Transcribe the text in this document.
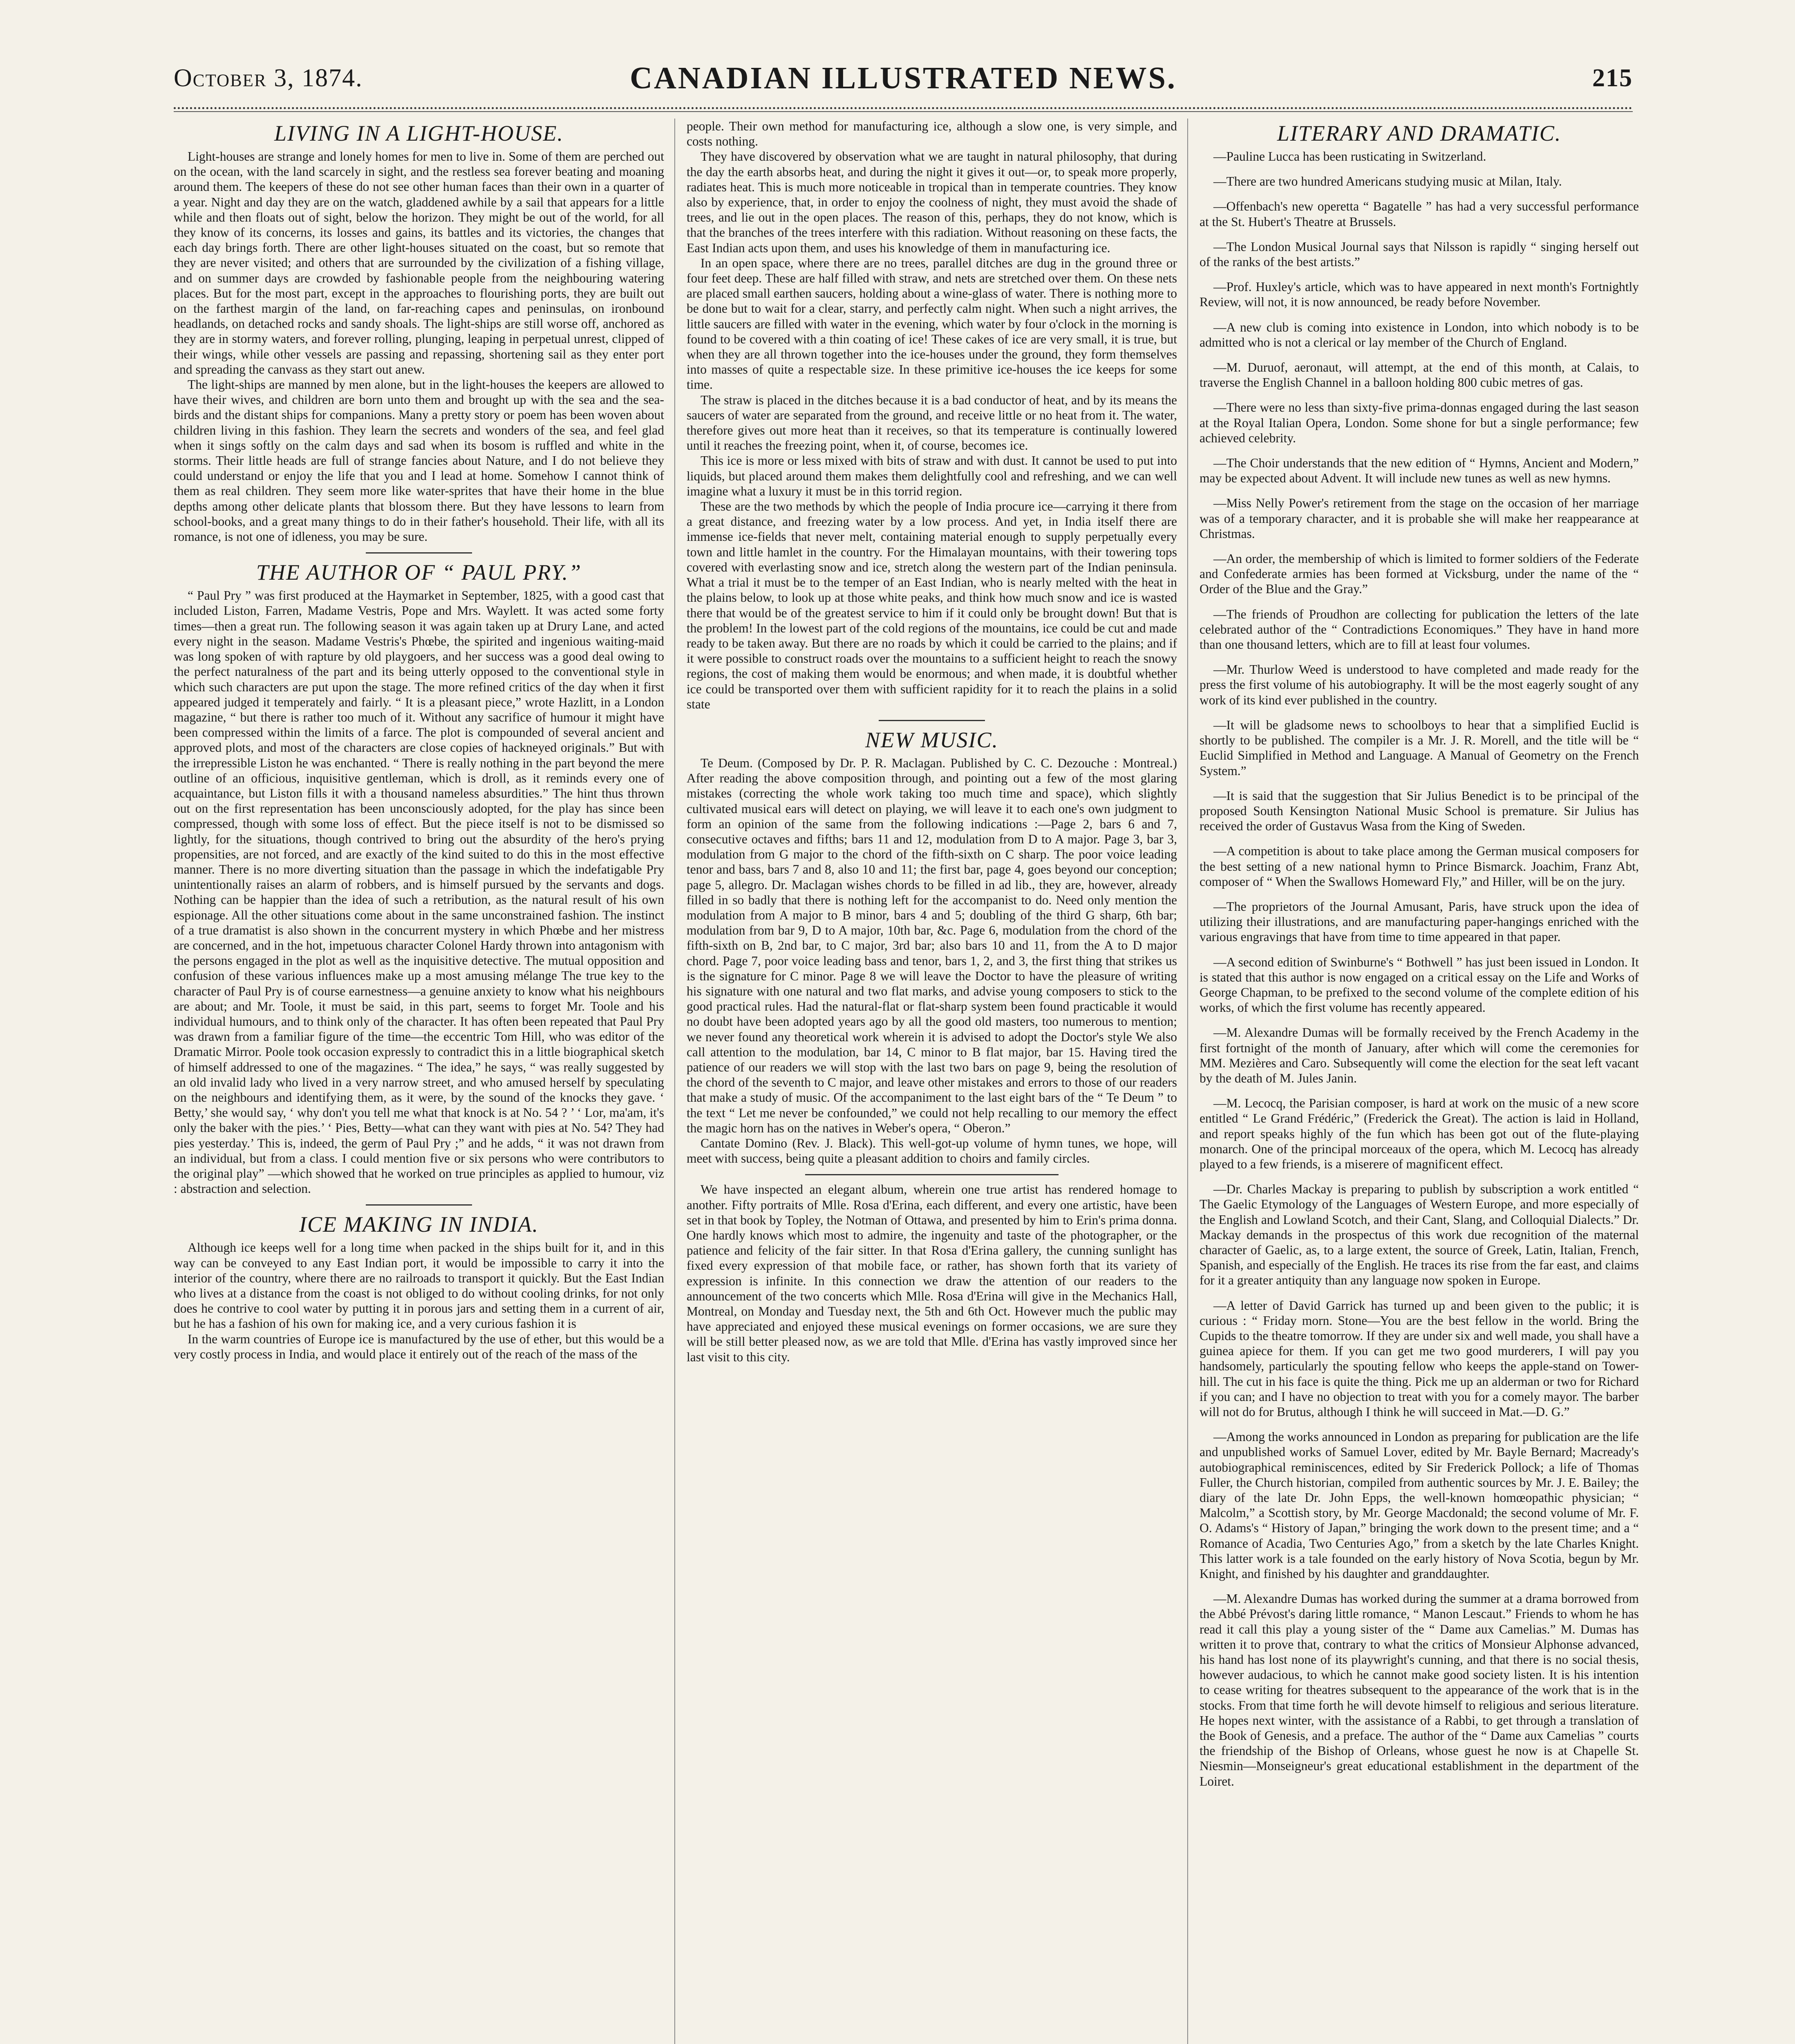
October 3, 1874.	CANADIAN ILLUSTRATED NEWS.	215
LIVING IN A LIGHT-HOUSE.

Light-houses are strange and lonely homes for men to live in. Some of them are perched out on the ocean, with the land scarcely in sight, and the restless sea forever beating and moaning around them. The keepers of these do not see other human faces than their own in a quarter of a year. Night and day they are on the watch, gladdened awhile by a sail that appears for a little while and then floats out of sight, below the horizon. They might be out of the world, for all they know of its concerns, its losses and gains, its battles and its victories, the changes that each day brings forth. There are other light-houses situated on the coast, but so remote that they are never visited; and others that are surrounded by the civilization of a fishing village, and on summer days are crowded by fashionable people from the neighbouring watering places. But for the most part, except in the approaches to flourishing ports, they are built out on the farthest margin of the land, on far-reaching capes and peninsulas, on ironbound headlands, on detached rocks and sandy shoals. The light-ships are still worse off, anchored as they are in stormy waters, and forever rolling, plunging, leaping in perpetual unrest, clipped of their wings, while other vessels are passing and repassing, shortening sail as they enter port and spreading the canvass as they start out anew.

The light-ships are manned by men alone, but in the light-houses the keepers are allowed to have their wives, and children are born unto them and brought up with the sea and the sea-birds and the distant ships for companions. Many a pretty story or poem has been woven about children living in this fashion. They learn the secrets and wonders of the sea, and feel glad when it sings softly on the calm days and sad when its bosom is ruffled and white in the storms. Their little heads are full of strange fancies about Nature, and I do not believe they could understand or enjoy the life that you and I lead at home. Somehow I cannot think of them as real children. They seem more like water-sprites that have their home in the blue depths among other delicate plants that blossom there. But they have lessons to learn from school-books, and a great many things to do in their father's household. Their life, with all its romance, is not one of idleness, you may be sure.

THE AUTHOR OF “ PAUL PRY.”

“ Paul Pry ” was first produced at the Haymarket in September, 1825, with a good cast that included Liston, Farren, Madame Vestris, Pope and Mrs. Waylett. It was acted some forty times—then a great run. The following season it was again taken up at Drury Lane, and acted every night in the season. Madame Vestris's Phœbe, the spirited and ingenious waiting-maid was long spoken of with rapture by old playgoers, and her success was a good deal owing to the perfect naturalness of the part and its being utterly opposed to the conventional style in which such characters are put upon the stage. The more refined critics of the day when it first appeared judged it temperately and fairly. “ It is a pleasant piece,” wrote Hazlitt, in a London magazine, “ but there is rather too much of it. Without any sacrifice of humour it might have been compressed within the limits of a farce. The plot is compounded of several ancient and approved plots, and most of the characters are close copies of hackneyed originals.” But with the irrepressible Liston he was enchanted. “ There is really nothing in the part beyond the mere outline of an officious, inquisitive gentleman, which is droll, as it reminds every one of acquaintance, but Liston fills it with a thousand nameless absurdities.” The hint thus thrown out on the first representation has been unconsciously adopted, for the play has since been compressed, though with some loss of effect. But the piece itself is not to be dismissed so lightly, for the situations, though contrived to bring out the absurdity of the hero's prying propensities, are not forced, and are exactly of the kind suited to do this in the most effective manner. There is no more diverting situation than the passage in which the indefatigable Pry unintentionally raises an alarm of robbers, and is himself pursued by the servants and dogs. Nothing can be happier than the idea of such a retribution, as the natural result of his own espionage. All the other situations come about in the same unconstrained fashion. The instinct of a true dramatist is also shown in the concurrent mystery in which Phœbe and her mistress are concerned, and in the hot, impetuous character Colonel Hardy thrown into antagonism with the persons engaged in the plot as well as the inquisitive detective. The mutual opposition and confusion of these various influences make up a most amusing mélange The true key to the character of Paul Pry is of course earnestness—a genuine anxiety to know what his neighbours are about; and Mr. Toole, it must be said, in this part, seems to forget Mr. Toole and his individual humours, and to think only of the character. It has often been repeated that Paul Pry was drawn from a familiar figure of the time—the eccentric Tom Hill, who was editor of the Dramatic Mirror. Poole took occasion expressly to contradict this in a little biographical sketch of himself addressed to one of the magazines. “ The idea,” he says, “ was really suggested by an old invalid lady who lived in a very narrow street, and who amused herself by speculating on the neighbours and identifying them, as it were, by the sound of the knocks they gave. ‘ Betty,’ she would say, ‘ why don't you tell me what that knock is at No. 54 ? ’ ‘ Lor, ma'am, it's only the baker with the pies.’ ‘ Pies, Betty—what can they want with pies at No. 54? They had pies yesterday.’ This is, indeed, the germ of Paul Pry ;” and he adds, “ it was not drawn from an individual, but from a class. I could mention five or six persons who were contributors to the original play” —which showed that he worked on true principles as applied to humour, viz : abstraction and selection.

ICE MAKING IN INDIA.

Although ice keeps well for a long time when packed in the ships built for it, and in this way can be conveyed to any East Indian port, it would be impossible to carry it into the interior of the country, where there are no railroads to transport it quickly. But the East Indian who lives at a distance from the coast is not obliged to do without cooling drinks, for not only does he contrive to cool water by putting it in porous jars and setting them in a current of air, but he has a fashion of his own for making ice, and a very curious fashion it is

In the warm countries of Europe ice is manufactured by the use of ether, but this would be a very costly process in India, and would place it entirely out of the reach of the mass of the

people. Their own method for manufacturing ice, although a slow one, is very simple, and costs nothing.

They have discovered by observation what we are taught in natural philosophy, that during the day the earth absorbs heat, and during the night it gives it out—or, to speak more properly, radiates heat. This is much more noticeable in tropical than in temperate countries. They know also by experience, that, in order to enjoy the coolness of night, they must avoid the shade of trees, and lie out in the open places. The reason of this, perhaps, they do not know, which is that the branches of the trees interfere with this radiation. Without reasoning on these facts, the East Indian acts upon them, and uses his knowledge of them in manufacturing ice.

In an open space, where there are no trees, parallel ditches are dug in the ground three or four feet deep. These are half filled with straw, and nets are stretched over them. On these nets are placed small earthen saucers, holding about a wine-glass of water. There is nothing more to be done but to wait for a clear, starry, and perfectly calm night. When such a night arrives, the little saucers are filled with water in the evening, which water by four o'clock in the morning is found to be covered with a thin coating of ice! These cakes of ice are very small, it is true, but when they are all thrown together into the ice-houses under the ground, they form themselves into masses of quite a respectable size. In these primitive ice-houses the ice keeps for some time.

The straw is placed in the ditches because it is a bad conductor of heat, and by its means the saucers of water are separated from the ground, and receive little or no heat from it. The water, therefore gives out more heat than it receives, so that its temperature is continually lowered until it reaches the freezing point, when it, of course, becomes ice.

This ice is more or less mixed with bits of straw and with dust. It cannot be used to put into liquids, but placed around them makes them delightfully cool and refreshing, and we can well imagine what a luxury it must be in this torrid region.

These are the two methods by which the people of India procure ice—carrying it there from a great distance, and freezing water by a low process. And yet, in India itself there are immense ice-fields that never melt, containing material enough to supply perpetually every town and little hamlet in the country. For the Himalayan mountains, with their towering tops covered with everlasting snow and ice, stretch along the western part of the Indian peninsula. What a trial it must be to the temper of an East Indian, who is nearly melted with the heat in the plains below, to look up at those white peaks, and think how much snow and ice is wasted there that would be of the greatest service to him if it could only be brought down! But that is the problem! In the lowest part of the cold regions of the mountains, ice could be cut and made ready to be taken away. But there are no roads by which it could be carried to the plains; and if it were possible to construct roads over the mountains to a sufficient height to reach the snowy regions, the cost of making them would be enormous; and when made, it is doubtful whether ice could be transported over them with sufficient rapidity for it to reach the plains in a solid state

NEW MUSIC.

Te Deum. (Composed by Dr. P. R. Maclagan. Published by C. C. Dezouche : Montreal.) After reading the above composition through, and pointing out a few of the most glaring mistakes (correcting the whole work taking too much time and space), which slightly cultivated musical ears will detect on playing, we will leave it to each one's own judgment to form an opinion of the same from the following indications :—Page 2, bars 6 and 7, consecutive octaves and fifths; bars 11 and 12, modulation from D to A major. Page 3, bar 3, modulation from G major to the chord of the fifth-sixth on C sharp. The poor voice leading tenor and bass, bars 7 and 8, also 10 and 11; the first bar, page 4, goes beyond our conception; page 5, allegro. Dr. Maclagan wishes chords to be filled in ad lib., they are, however, already filled in so badly that there is nothing left for the accompanist to do. Need only mention the modulation from A major to B minor, bars 4 and 5; doubling of the third G sharp, 6th bar; modulation from bar 9, D to A major, 10th bar, &c. Page 6, modulation from the chord of the fifth-sixth on B, 2nd bar, to C major, 3rd bar; also bars 10 and 11, from the A to D major chord. Page 7, poor voice leading bass and tenor, bars 1, 2, and 3, the first thing that strikes us is the signature for C minor. Page 8 we will leave the Doctor to have the pleasure of writing his signature with one natural and two flat marks, and advise young composers to stick to the good practical rules. Had the natural-flat or flat-sharp system been found practicable it would no doubt have been adopted years ago by all the good old masters, too numerous to mention; we never found any theoretical work wherein it is advised to adopt the Doctor's style We also call attention to the modulation, bar 14, C minor to B flat major, bar 15. Having tired the patience of our readers we will stop with the last two bars on page 9, being the resolution of the chord of the seventh to C major, and leave other mistakes and errors to those of our readers that make a study of music. Of the accompaniment to the last eight bars of the “ Te Deum ” to the text “ Let me never be confounded,” we could not help recalling to our memory the effect the magic horn has on the natives in Weber's opera, “ Oberon.”

Cantate Domino (Rev. J. Black). This well-got-up volume of hymn tunes, we hope, will meet with success, being quite a pleasant addition to choirs and family circles.

We have inspected an elegant album, wherein one true artist has rendered homage to another. Fifty portraits of Mlle. Rosa d'Erina, each different, and every one artistic, have been set in that book by Topley, the Notman of Ottawa, and presented by him to Erin's prima donna. One hardly knows which most to admire, the ingenuity and taste of the photographer, or the patience and felicity of the fair sitter. In that Rosa d'Erina gallery, the cunning sunlight has fixed every expression of that mobile face, or rather, has shown forth that its variety of expression is infinite. In this connection we draw the attention of our readers to the announcement of the two concerts which Mlle. Rosa d'Erina will give in the Mechanics Hall, Montreal, on Monday and Tuesday next, the 5th and 6th Oct. However much the public may have appreciated and enjoyed these musical evenings on former occasions, we are sure they will be still better pleased now, as we are told that Mlle. d'Erina has vastly improved since her last visit to this city.

LITERARY AND DRAMATIC.

—Pauline Lucca has been rusticating in Switzerland.

—There are two hundred Americans studying music at Milan, Italy.

—Offenbach's new operetta “ Bagatelle ” has had a very successful performance at the St. Hubert's Theatre at Brussels.

—The London Musical Journal says that Nilsson is rapidly “ singing herself out of the ranks of the best artists.”

—Prof. Huxley's article, which was to have appeared in next month's Fortnightly Review, will not, it is now announced, be ready before November.

—A new club is coming into existence in London, into which nobody is to be admitted who is not a clerical or lay member of the Church of England.

—M. Duruof, aeronaut, will attempt, at the end of this month, at Calais, to traverse the English Channel in a balloon holding 800 cubic metres of gas.

—There were no less than sixty-five prima-donnas engaged during the last season at the Royal Italian Opera, London. Some shone for but a single performance; few achieved celebrity.

—The Choir understands that the new edition of “ Hymns, Ancient and Modern,” may be expected about Advent. It will include new tunes as well as new hymns.

—Miss Nelly Power's retirement from the stage on the occasion of her marriage was of a temporary character, and it is probable she will make her reappearance at Christmas.

—An order, the membership of which is limited to former soldiers of the Federate and Confederate armies has been formed at Vicksburg, under the name of the “ Order of the Blue and the Gray.”

—The friends of Proudhon are collecting for publication the letters of the late celebrated author of the “ Contradictions Economiques.” They have in hand more than one thousand letters, which are to fill at least four volumes.

—Mr. Thurlow Weed is understood to have completed and made ready for the press the first volume of his autobiography. It will be the most eagerly sought of any work of its kind ever published in the country.

—It will be gladsome news to schoolboys to hear that a simplified Euclid is shortly to be published. The compiler is a Mr. J. R. Morell, and the title will be “ Euclid Simplified in Method and Language. A Manual of Geometry on the French System.”

—It is said that the suggestion that Sir Julius Benedict is to be principal of the proposed South Kensington National Music School is premature. Sir Julius has received the order of Gustavus Wasa from the King of Sweden.

—A competition is about to take place among the German musical composers for the best setting of a new national hymn to Prince Bismarck. Joachim, Franz Abt, composer of “ When the Swallows Homeward Fly,” and Hiller, will be on the jury.

—The proprietors of the Journal Amusant, Paris, have struck upon the idea of utilizing their illustrations, and are manufacturing paper-hangings enriched with the various engravings that have from time to time appeared in that paper.

—A second edition of Swinburne's “ Bothwell ” has just been issued in London. It is stated that this author is now engaged on a critical essay on the Life and Works of George Chapman, to be prefixed to the second volume of the complete edition of his works, of which the first volume has recently appeared.

—M. Alexandre Dumas will be formally received by the French Academy in the first fortnight of the month of January, after which will come the ceremonies for MM. Mezières and Caro. Subsequently will come the election for the seat left vacant by the death of M. Jules Janin.

—M. Lecocq, the Parisian composer, is hard at work on the music of a new score entitled “ Le Grand Frédéric,” (Frederick the Great). The action is laid in Holland, and report speaks highly of the fun which has been got out of the flute-playing monarch. One of the principal morceaux of the opera, which M. Lecocq has already played to a few friends, is a miserere of magnificent effect.

—Dr. Charles Mackay is preparing to publish by subscription a work entitled “ The Gaelic Etymology of the Languages of Western Europe, and more especially of the English and Lowland Scotch, and their Cant, Slang, and Colloquial Dialects.” Dr. Mackay demands in the prospectus of this work due recognition of the maternal character of Gaelic, as, to a large extent, the source of Greek, Latin, Italian, French, Spanish, and especially of the English. He traces its rise from the far east, and claims for it a greater antiquity than any language now spoken in Europe.

—A letter of David Garrick has turned up and been given to the public; it is curious : “ Friday morn. Stone—You are the best fellow in the world. Bring the Cupids to the theatre tomorrow. If they are under six and well made, you shall have a guinea apiece for them. If you can get me two good murderers, I will pay you handsomely, particularly the spouting fellow who keeps the apple-stand on Tower-hill. The cut in his face is quite the thing. Pick me up an alderman or two for Richard if you can; and I have no objection to treat with you for a comely mayor. The barber will not do for Brutus, although I think he will succeed in Mat.—D. G.”

—Among the works announced in London as preparing for publication are the life and unpublished works of Samuel Lover, edited by Mr. Bayle Bernard; Macready's autobiographical reminiscences, edited by Sir Frederick Pollock; a life of Thomas Fuller, the Church historian, compiled from authentic sources by Mr. J. E. Bailey; the diary of the late Dr. John Epps, the well-known homœopathic physician; “ Malcolm,” a Scottish story, by Mr. George Macdonald; the second volume of Mr. F. O. Adams's “ History of Japan,” bringing the work down to the present time; and a “ Romance of Acadia, Two Centuries Ago,” from a sketch by the late Charles Knight. This latter work is a tale founded on the early history of Nova Scotia, begun by Mr. Knight, and finished by his daughter and granddaughter.

—M. Alexandre Dumas has worked during the summer at a drama borrowed from the Abbé Prévost's daring little romance, “ Manon Lescaut.” Friends to whom he has read it call this play a young sister of the “ Dame aux Camelias.” M. Dumas has written it to prove that, contrary to what the critics of Monsieur Alphonse advanced, his hand has lost none of its playwright's cunning, and that there is no social thesis, however audacious, to which he cannot make good society listen. It is his intention to cease writing for theatres subsequent to the appearance of the work that is in the stocks. From that time forth he will devote himself to religious and serious literature. He hopes next winter, with the assistance of a Rabbi, to get through a translation of the Book of Genesis, and a preface. The author of the “ Dame aux Camelias ” courts the friendship of the Bishop of Orleans, whose guest he now is at Chapelle St. Niesmin—Monseigneur's great educational establishment in the department of the Loiret.
